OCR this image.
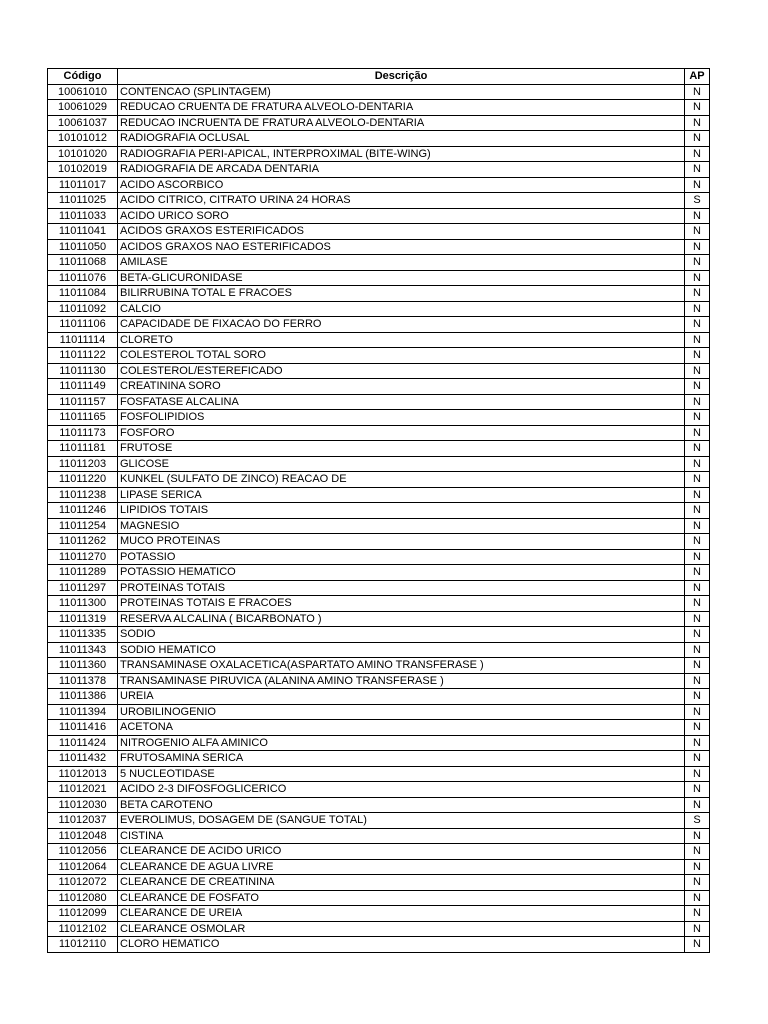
Código	Descrição	AP
10061010	CONTENCAO (SPLINTAGEM)	N
10061029	REDUCAO CRUENTA DE FRATURA ALVEOLO-DENTARIA	N
10061037	REDUCAO INCRUENTA DE FRATURA ALVEOLO-DENTARIA	N
10101012	RADIOGRAFIA OCLUSAL	N
10101020	RADIOGRAFIA PERI-APICAL, INTERPROXIMAL (BITE-WING)	N
10102019	RADIOGRAFIA DE ARCADA DENTARIA	N
11011017	ACIDO ASCORBICO	N
11011025	ACIDO CITRICO, CITRATO URINA 24 HORAS	S
11011033	ACIDO URICO SORO	N
11011041	ACIDOS GRAXOS ESTERIFICADOS	N
11011050	ACIDOS GRAXOS NAO ESTERIFICADOS	N
11011068	AMILASE	N
11011076	BETA-GLICURONIDASE	N
11011084	BILIRRUBINA TOTAL E FRACOES	N
11011092	CALCIO	N
11011106	CAPACIDADE DE FIXACAO DO FERRO	N
11011114	CLORETO	N
11011122	COLESTEROL TOTAL SORO	N
11011130	COLESTEROL/ESTEREFICADO	N
11011149	CREATININA SORO	N
11011157	FOSFATASE ALCALINA	N
11011165	FOSFOLIPIDIOS	N
11011173	FOSFORO	N
11011181	FRUTOSE	N
11011203	GLICOSE	N
11011220	KUNKEL (SULFATO DE ZINCO) REACAO DE	N
11011238	LIPASE SERICA	N
11011246	LIPIDIOS TOTAIS	N
11011254	MAGNESIO	N
11011262	MUCO PROTEINAS	N
11011270	POTASSIO	N
11011289	POTASSIO HEMATICO	N
11011297	PROTEINAS TOTAIS	N
11011300	PROTEINAS TOTAIS E FRACOES	N
11011319	RESERVA ALCALINA ( BICARBONATO )	N
11011335	SODIO	N
11011343	SODIO HEMATICO	N
11011360	TRANSAMINASE OXALACETICA(ASPARTATO AMINO TRANSFERASE )	N
11011378	TRANSAMINASE PIRUVICA (ALANINA AMINO TRANSFERASE )	N
11011386	UREIA	N
11011394	UROBILINOGENIO	N
11011416	ACETONA	N
11011424	NITROGENIO ALFA AMINICO	N
11011432	FRUTOSAMINA SERICA	N
11012013	5 NUCLEOTIDASE	N
11012021	ACIDO 2-3 DIFOSFOGLICERICO	N
11012030	BETA CAROTENO	N
11012037	EVEROLIMUS, DOSAGEM DE (SANGUE TOTAL)	S
11012048	CISTINA	N
11012056	CLEARANCE DE ACIDO URICO	N
11012064	CLEARANCE DE AGUA LIVRE	N
11012072	CLEARANCE DE CREATININA	N
11012080	CLEARANCE DE FOSFATO	N
11012099	CLEARANCE DE UREIA	N
11012102	CLEARANCE OSMOLAR	N
11012110	CLORO HEMATICO	N
